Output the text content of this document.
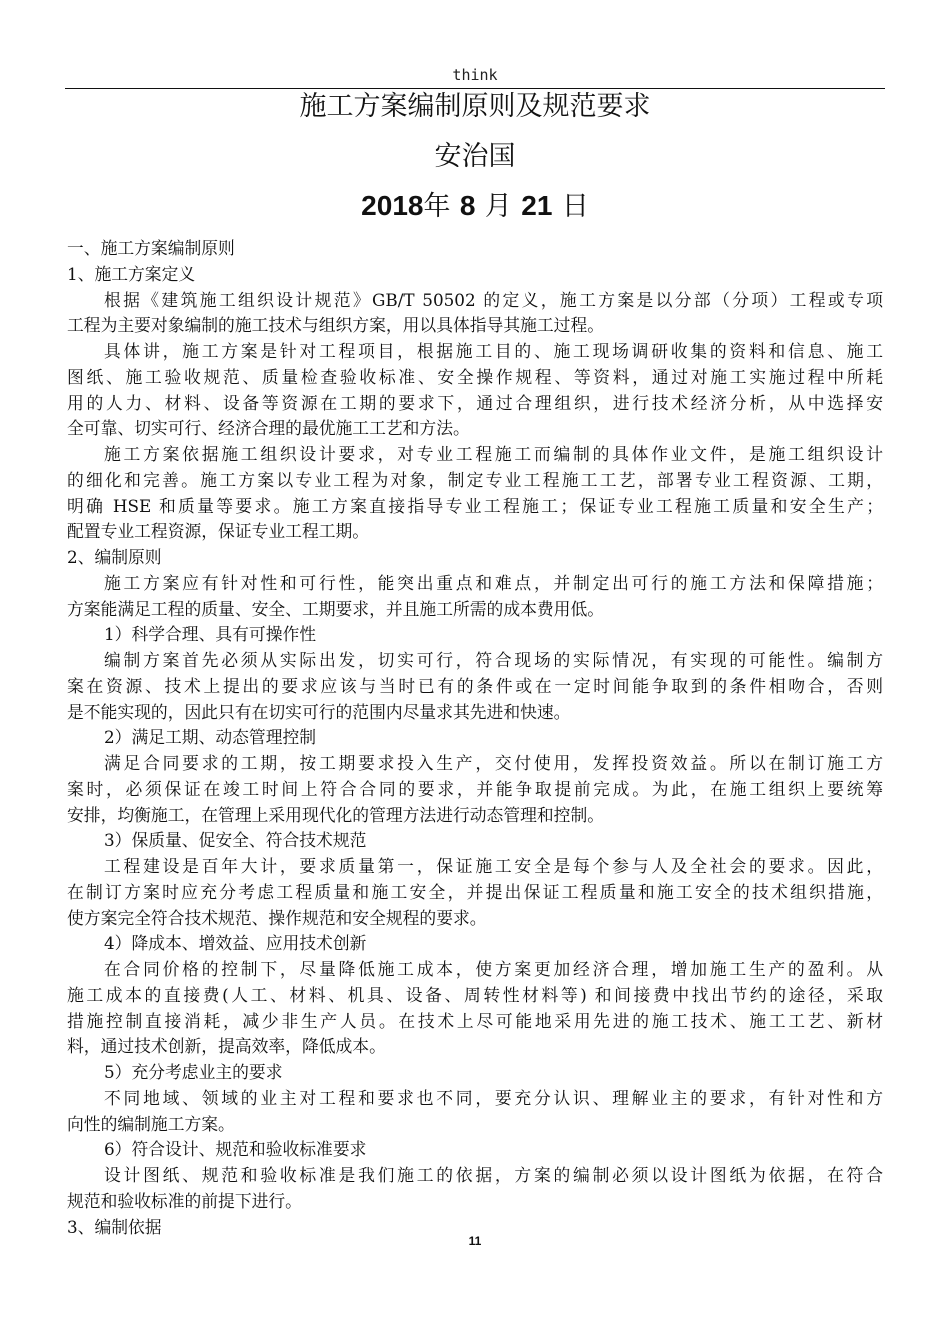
think
施工方案编制原则及规范要求
安治国
2018年 8 月 21 日
一、施工方案编制原则
1、施工方案定义
根据《建筑施工组织设计规范》GB/T 50502 的定义，施工方案是以分部（分项）工程或专项
工程为主要对象编制的施工技术与组织方案，用以具体指导其施工过程。
具体讲，施工方案是针对工程项目，根据施工目的、施工现场调研收集的资料和信息、施工
图纸、施工验收规范、质量检查验收标准、安全操作规程、等资料，通过对施工实施过程中所耗
用的人力、材料、设备等资源在工期的要求下，通过合理组织，进行技术经济分析，从中选择安
全可靠、切实可行、经济合理的最优施工工艺和方法。
施工方案依据施工组织设计要求，对专业工程施工而编制的具体作业文件，是施工组织设计
的细化和完善。施工方案以专业工程为对象，制定专业工程施工工艺，部署专业工程资源、工期，
明确 HSE 和质量等要求。施工方案直接指导专业工程施工；保证专业工程施工质量和安全生产；
配置专业工程资源，保证专业工程工期。
2、编制原则
施工方案应有针对性和可行性，能突出重点和难点，并制定出可行的施工方法和保障措施；
方案能满足工程的质量、安全、工期要求，并且施工所需的成本费用低。
1）科学合理、具有可操作性
编制方案首先必须从实际出发，切实可行，符合现场的实际情况，有实现的可能性。编制方
案在资源、技术上提出的要求应该与当时已有的条件或在一定时间能争取到的条件相吻合，否则
是不能实现的，因此只有在切实可行的范围内尽量求其先进和快速。
2）满足工期、动态管理控制
满足合同要求的工期，按工期要求投入生产，交付使用，发挥投资效益。所以在制订施工方
案时，必须保证在竣工时间上符合合同的要求，并能争取提前完成。为此，在施工组织上要统筹
安排，均衡施工，在管理上采用现代化的管理方法进行动态管理和控制。
3）保质量、促安全、符合技术规范
工程建设是百年大计，要求质量第一，保证施工安全是每个参与人及全社会的要求。因此，
在制订方案时应充分考虑工程质量和施工安全，并提出保证工程质量和施工安全的技术组织措施，
使方案完全符合技术规范、操作规范和安全规程的要求。
4）降成本、增效益、应用技术创新
在合同价格的控制下，尽量降低施工成本，使方案更加经济合理，增加施工生产的盈利。从
施工成本的直接费(人工、材料、机具、设备、周转性材料等) 和间接费中找出节约的途径，采取
措施控制直接消耗，减少非生产人员。在技术上尽可能地采用先进的施工技术、施工工艺、新材
料，通过技术创新，提高效率，降低成本。
5）充分考虑业主的要求
不同地域、领域的业主对工程和要求也不同，要充分认识、理解业主的要求，有针对性和方
向性的编制施工方案。
6）符合设计、规范和验收标准要求
设计图纸、规范和验收标准是我们施工的依据，方案的编制必须以设计图纸为依据，在符合
规范和验收标准的前提下进行。
3、编制依据
11
